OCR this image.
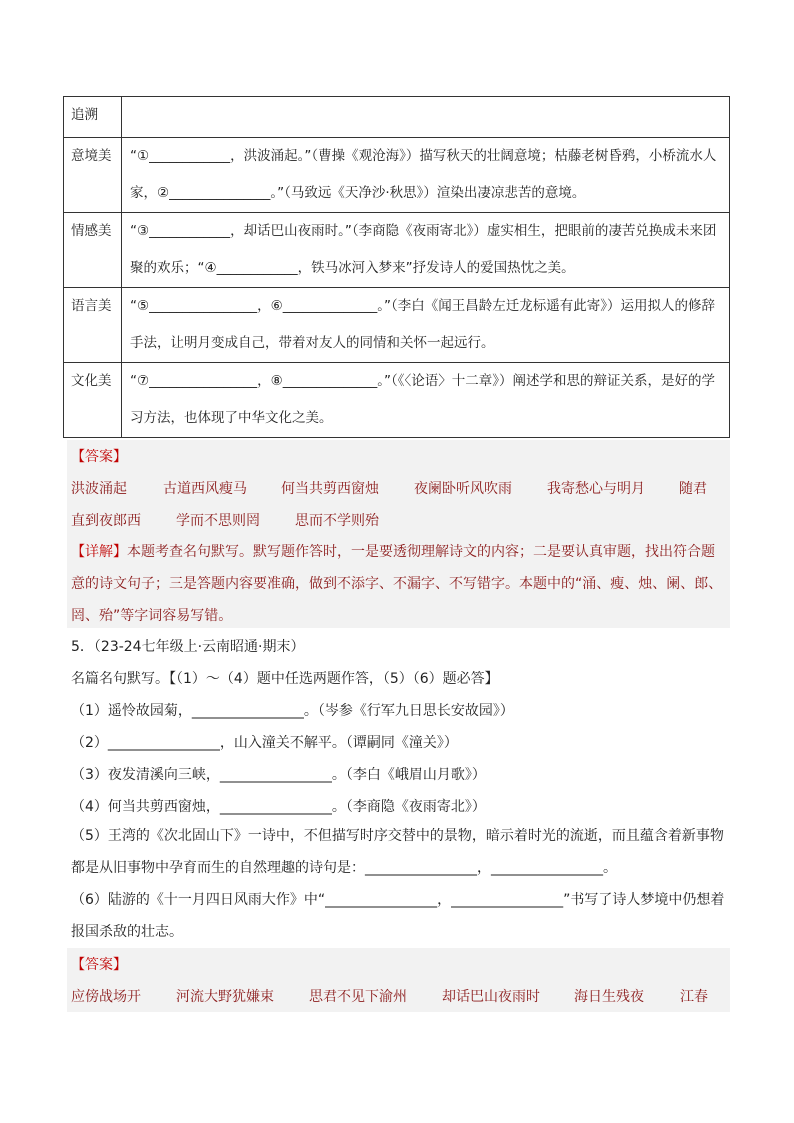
追溯	
意境美	“①____________，洪波涌起。”（曹操《观沧海》）描写秋天的壮阔意境；枯藤老树昏鸦，小桥流水人家，②_______________。”（马致远《天净沙·秋思》）渲染出凄凉悲苦的意境。
情感美	“③____________，却话巴山夜雨时。”（李商隐《夜雨寄北》）虚实相生，把眼前的凄苦兑换成未来团聚的欢乐；“④____________，铁马冰河入梦来”抒发诗人的爱国热忱之美。
语言美	“⑤________________，⑥______________。”（李白《闻王昌龄左迁龙标遥有此寄》）运用拟人的修辞手法，让明月变成自己，带着对友人的同情和关怀一起远行。
文化美	“⑦________________，⑧______________。”（《〈论语〉十二章》）阐述学和思的辩证关系，是好的学习方法，也体现了中华文化之美。
【答案】
洪波涌起	古道西风瘦马 何当共剪西窗烛	夜阑卧听风吹雨	我寄愁心与明月 随君
直到夜郎西	学而不思则罔	思而不学则殆
【详解】本题考查名句默写。默写题作答时，一是要透彻理解诗文的内容；二是要认真审题，找出符合题意的诗文句子；三是答题内容要准确，做到不添字、不漏字、不写错字。本题中的“涌、瘦、烛、阑、郎、罔、殆”等字词容易写错。
5．（23-24七年级上·云南昭通·期末）
名篇名句默写。【（1）～（4）题中任选两题作答，（5）（6）题必答】
（1）遥怜故园菊，________________。（岑参《行军九日思长安故园》）
（2）________________，山入潼关不解平。（谭嗣同《潼关》）
（3）夜发清溪向三峡，________________。（李白《峨眉山月歌》）
（4）何当共剪西窗烛，________________。（李商隐《夜雨寄北》）
（5）王湾的《次北固山下》一诗中，不但描写时序交替中的景物，暗示着时光的流逝，而且蕴含着新事物都是从旧事物中孕育而生的自然理趣的诗句是：________________，________________。
（6）陆游的《十一月四日风雨大作》中“________________，________________”书写了诗人梦境中仍想着报国杀敌的壮志。
【答案】
应傍战场开	河流大野犹嫌束	思君不见下渝州	却话巴山夜雨时 海日生残夜	江春
